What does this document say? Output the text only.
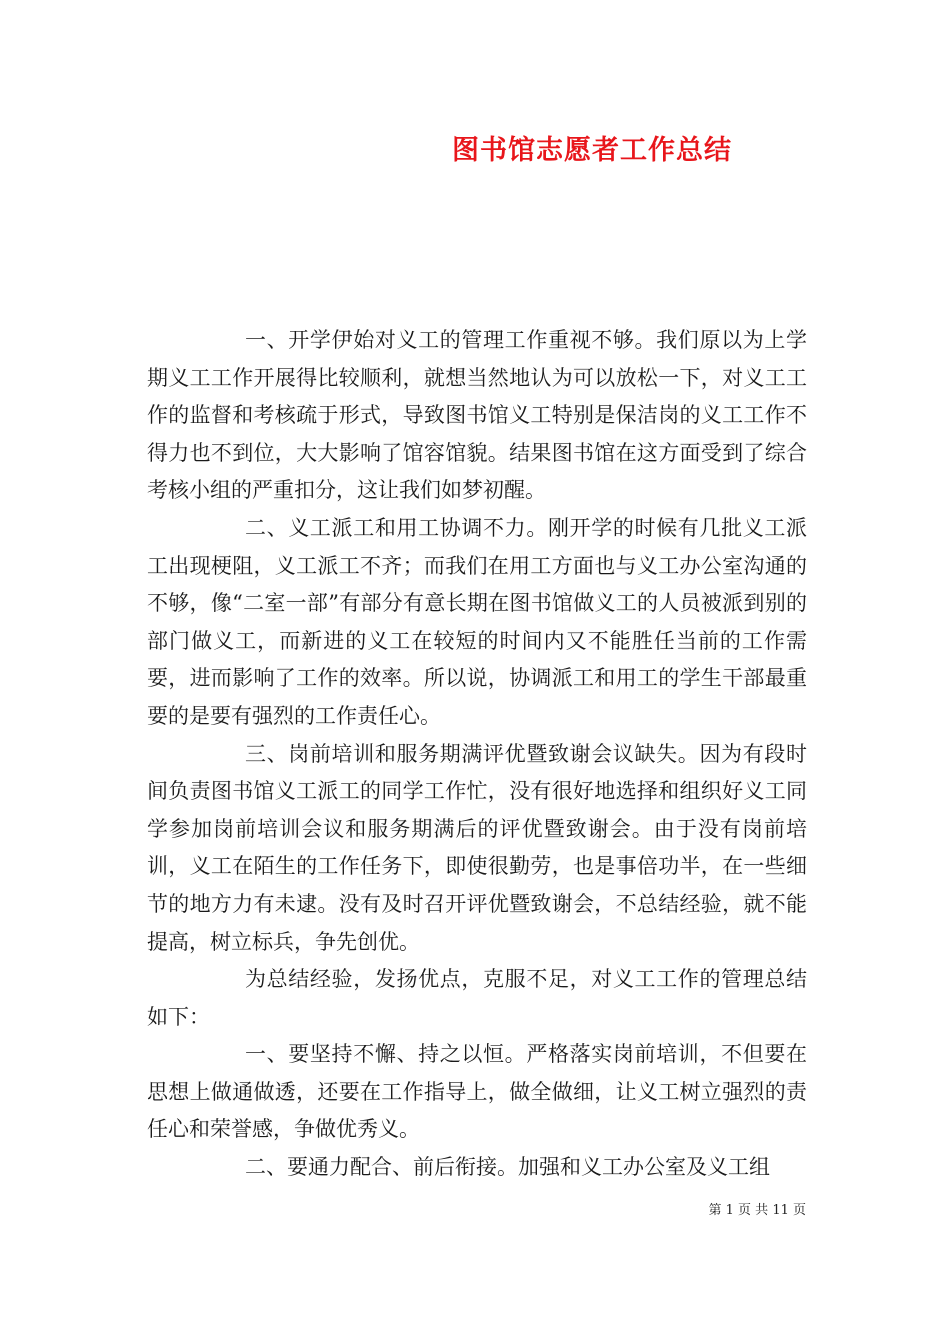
图书馆志愿者工作总结

一、开学伊始对义工的管理工作重视不够。我们原以为上学期义工工作开展得比较顺利，就想当然地认为可以放松一下，对义工工作的监督和考核疏于形式，导致图书馆义工特别是保洁岗的义工工作不得力也不到位，大大影响了馆容馆貌。结果图书馆在这方面受到了综合考核小组的严重扣分，这让我们如梦初醒。

二、义工派工和用工协调不力。刚开学的时候有几批义工派工出现梗阻，义工派工不齐；而我们在用工方面也与义工办公室沟通的不够，像“二室一部”有部分有意长期在图书馆做义工的人员被派到别的部门做义工，而新进的义工在较短的时间内又不能胜任当前的工作需要，进而影响了工作的效率。所以说，协调派工和用工的学生干部最重要的是要有强烈的工作责任心。

三、岗前培训和服务期满评优暨致谢会议缺失。因为有段时间负责图书馆义工派工的同学工作忙，没有很好地选择和组织好义工同学参加岗前培训会议和服务期满后的评优暨致谢会。由于没有岗前培训，义工在陌生的工作任务下，即使很勤劳，也是事倍功半，在一些细节的地方力有未逮。没有及时召开评优暨致谢会，不总结经验，就不能提高，树立标兵，争先创优。

为总结经验，发扬优点，克服不足，对义工工作的管理总结如下：

一、要坚持不懈、持之以恒。严格落实岗前培训，不但要在思想上做通做透，还要在工作指导上，做全做细，让义工树立强烈的责任心和荣誉感，争做优秀义。

二、要通力配合、前后衔接。加强和义工办公室及义工组

第 1 页 共 11 页
